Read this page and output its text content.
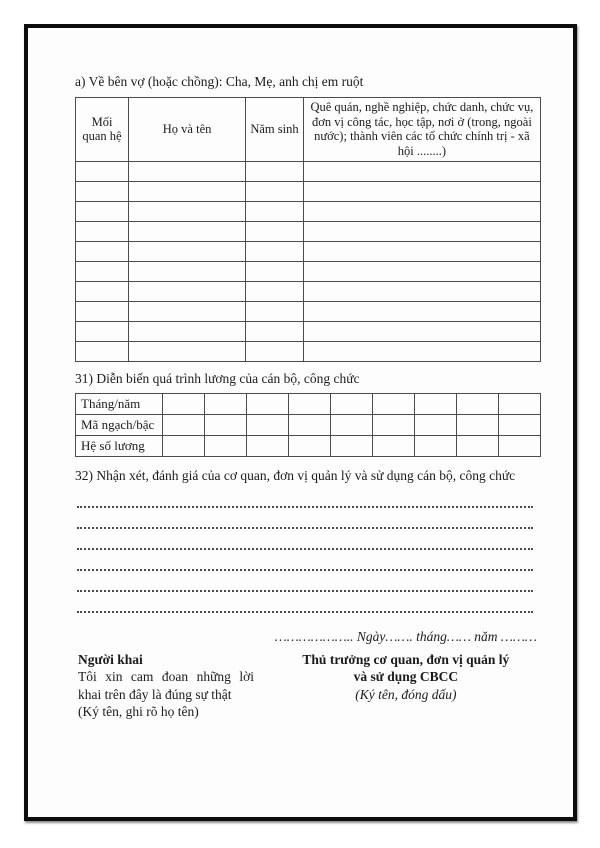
a) Về bên vợ (hoặc chồng): Cha, Mẹ, anh chị em ruột
Mối quan hệ	Họ và tên	Năm sinh	Quê quán, nghề nghiệp, chức danh, chức vụ, đơn vị công tác, học tập, nơi ở (trong, ngoài nước); thành viên các tổ chức chính trị - xã hội ........)

31) Diễn biến quá trình lương của cán bộ, công chức
Tháng/năm									
Mã ngạch/bậc									
Hệ số lương									
32) Nhận xét, đánh giá của cơ quan, đơn vị quản lý và sử dụng cán bộ, công chức
……………….. Ngày……. tháng…… năm ………
Người khai
Tôi xin cam đoan những lời khai trên đây là đúng sự thật
(Ký tên, ghi rõ họ tên)
Thủ trưởng cơ quan, đơn vị quản lý
và sử dụng CBCC
(Ký tên, đóng dấu)
